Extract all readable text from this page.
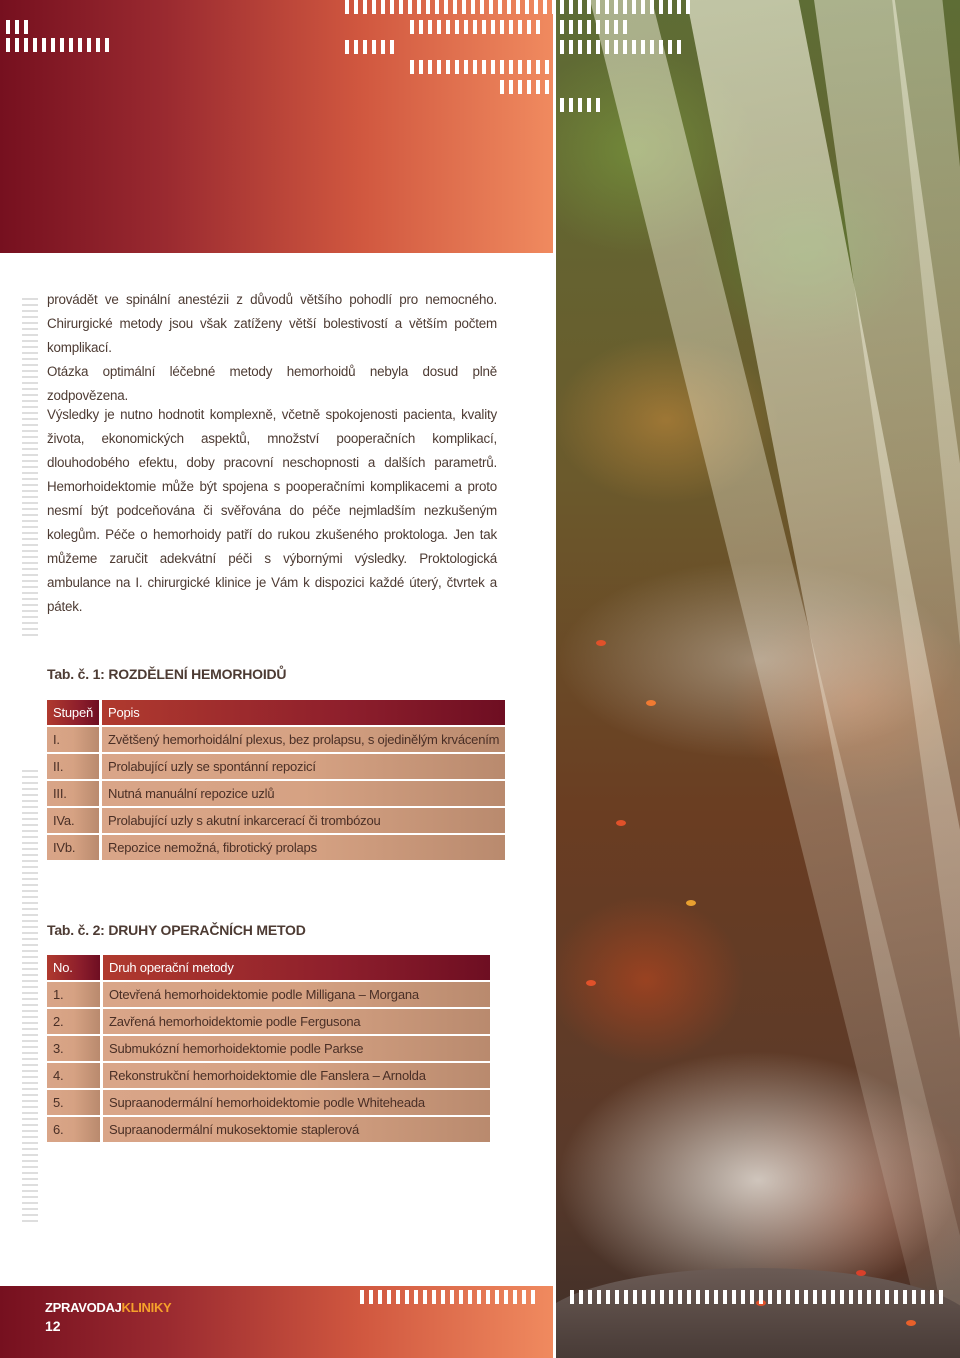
provádět ve spinální anestézii z důvodů většího pohodlí pro nemocného. Chirurgické metody jsou však zatíženy větší bolestivostí a větším počtem komplikací.

Otázka optimální léčebné metody hemorhoidů nebyla dosud plně zodpovězena.

Výsledky je nutno hodnotit komplexně, včetně spokojenosti pacienta, kvality života, ekonomických aspektů, množství pooperačních komplikací, dlouhodobého efektu, doby pracovní neschopnosti a dalších parametrů. Hemorhoidektomie může být spojena s pooperačními komplikacemi a proto nesmí být podceňována či svěřována do péče nejmladším nezkušeným kolegům. Péče o hemorhoidy patří do rukou zkušeného proktologa. Jen tak můžeme zaručit adekvátní péči s výbornými výsledky. Proktologická ambulance na I. chirurgické klinice je Vám k dispozici každé úterý, čtvrtek a pátek.

Tab. č. 1: ROZDĚLENÍ HEMORHOIDŮ
Stupeň	Popis
I.	Zvětšený hemorhoidální plexus, bez prolapsu, s ojedinělým krvácením
II.	Prolabující uzly se spontánní repozicí
III.	Nutná manuální repozice uzlů
IVa.	Prolabující uzly s akutní inkarcerací či trombózou
IVb.	Repozice nemožná, fibrotický prolaps
Tab. č. 2: DRUHY OPERAČNÍCH METOD
No.	Druh operační metody
1.	Otevřená hemorhoidektomie podle Milligana – Morgana
2.	Zavřená hemorhoidektomie podle Fergusona
3.	Submukózní hemorhoidektomie podle Parkse
4.	Rekonstrukční hemorhoidektomie dle Fanslera – Arnolda
5.	Supraanodermální hemorhoidektomie podle Whiteheada
6.	Supraanodermální mukosektomie staplerová
ZPRAVODAJKLINIKY
12
